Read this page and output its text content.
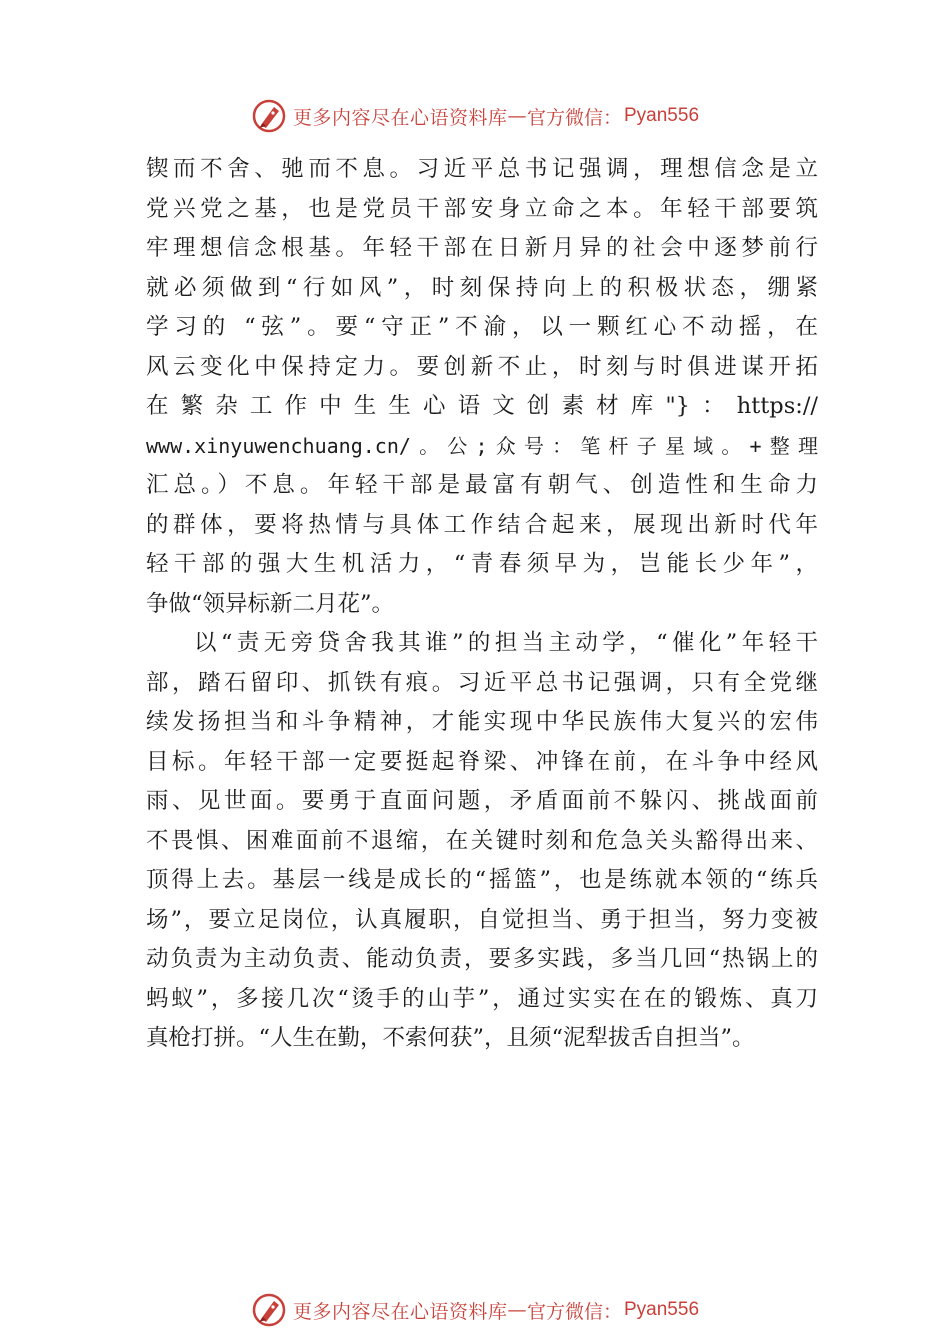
更多内容尽在心语资料库 — 官方微信： Pyan556
锲而不舍、驰而不息。习近平总书记强调，理想信念是立
党兴党之基，也是党员干部安身立命之本。年轻干部要筑
牢理想信念根基。年轻干部在日新月异的社会中逐梦前行
就必须做到“行如风”，时刻保持向上的积极状态，绷紧
学习的 “弦”。要“守正”不渝，以一颗红心不动摇，在
风云变化中保持定力。要创新不止，时刻与时俱进谋开拓
在繁杂工作中生生心语文创素材库"}：https://
www.xinyuwenchuang.cn/。公;众号：笔杆子星域。+整理
汇总。）不息。年轻干部是最富有朝气、创造性和生命力
的群体，要将热情与具体工作结合起来，展现出新时代年
轻干部的强大生机活力，“青春须早为，岂能长少年”，
争做“领异标新二月花”。
以“责无旁贷舍我其谁”的担当主动学，“催化”年轻干
部，踏石留印、抓铁有痕。习近平总书记强调，只有全党继
续发扬担当和斗争精神，才能实现中华民族伟大复兴的宏伟
目标。年轻干部一定要挺起脊梁、冲锋在前，在斗争中经风
雨、见世面。要勇于直面问题，矛盾面前不躲闪、挑战面前
不畏惧、困难面前不退缩，在关键时刻和危急关头豁得出来、
顶得上去。基层一线是成长的“摇篮”，也是练就本领的“练兵
场”，要立足岗位，认真履职，自觉担当、勇于担当，努力变被
动负责为主动负责、能动负责，要多实践，多当几回“热锅上的
蚂蚁”，多接几次“烫手的山芋”，通过实实在在的锻炼、真刀
真枪打拼。“人生在勤，不索何获”，且须“泥犁拔舌自担当”。
更多内容尽在心语资料库 — 官方微信： Pyan556
